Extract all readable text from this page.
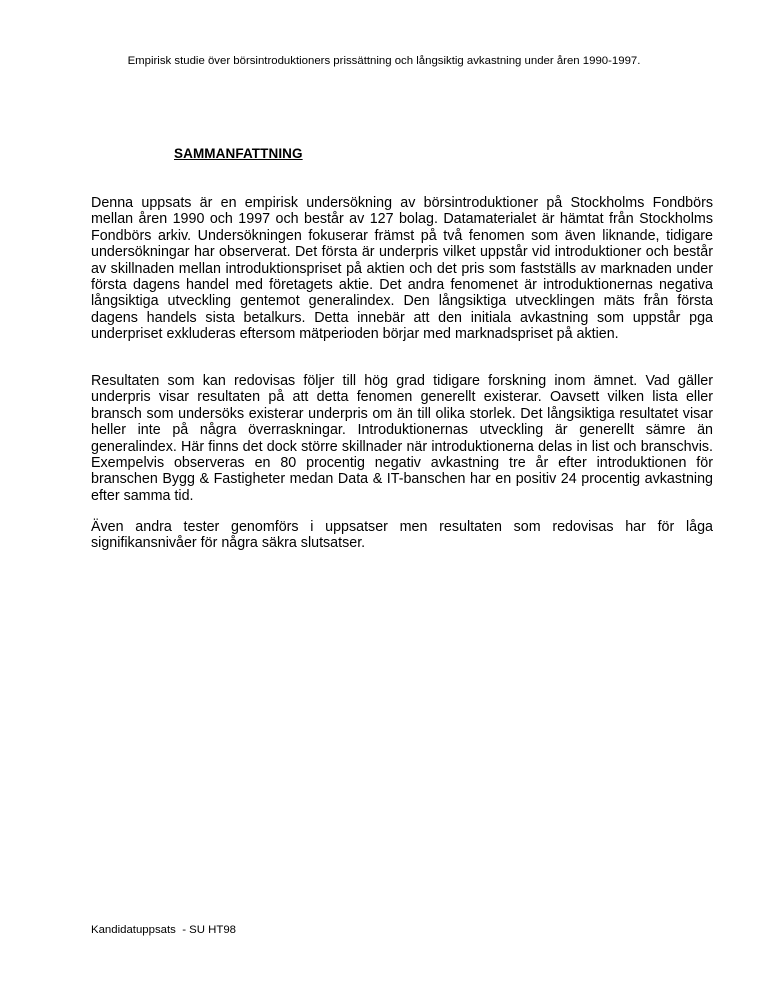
Empirisk studie över börsintroduktioners prissättning och långsiktig avkastning under åren 1990-1997.
SAMMANFATTNING

Denna uppsats är en empirisk undersökning av börsintroduktioner på Stockholms Fondbörs mellan åren 1990 och 1997 och består av 127 bolag. Datamaterialet är hämtat från Stockholms Fondbörs arkiv. Undersökningen fokuserar främst på två fenomen som även liknande, tidigare undersökningar har observerat. Det första är underpris vilket uppstår vid introduktioner och består av skillnaden mellan introduktionspriset på aktien och det pris som fastställs av marknaden under första dagens handel med företagets aktie. Det andra fenomenet är introduktionernas negativa långsiktiga utveckling gentemot generalindex. Den långsiktiga utvecklingen mäts från första dagens handels sista betalkurs. Detta innebär att den initiala avkastning som uppstår pga underpriset exkluderas eftersom mätperioden börjar med marknadspriset på aktien.

Resultaten som kan redovisas följer till hög grad tidigare forskning inom ämnet. Vad gäller underpris visar resultaten på att detta fenomen generellt existerar. Oavsett vilken lista eller bransch som undersöks existerar underpris om än till olika storlek. Det långsiktiga resultatet visar heller inte på några överraskningar. Introduktionernas utveckling är generellt sämre än generalindex. Här finns det dock större skillnader när introduktionerna delas in list och branschvis. Exempelvis observeras en 80 procentig negativ avkastning tre år efter introduktionen för branschen Bygg & Fastigheter medan Data & IT-banschen har en positiv 24 procentig avkastning efter samma tid.

Även andra tester genomförs i uppsatser men resultaten som redovisas har för låga signifikansnivåer för några säkra slutsatser.

Kandidatuppsats  - SU HT98
